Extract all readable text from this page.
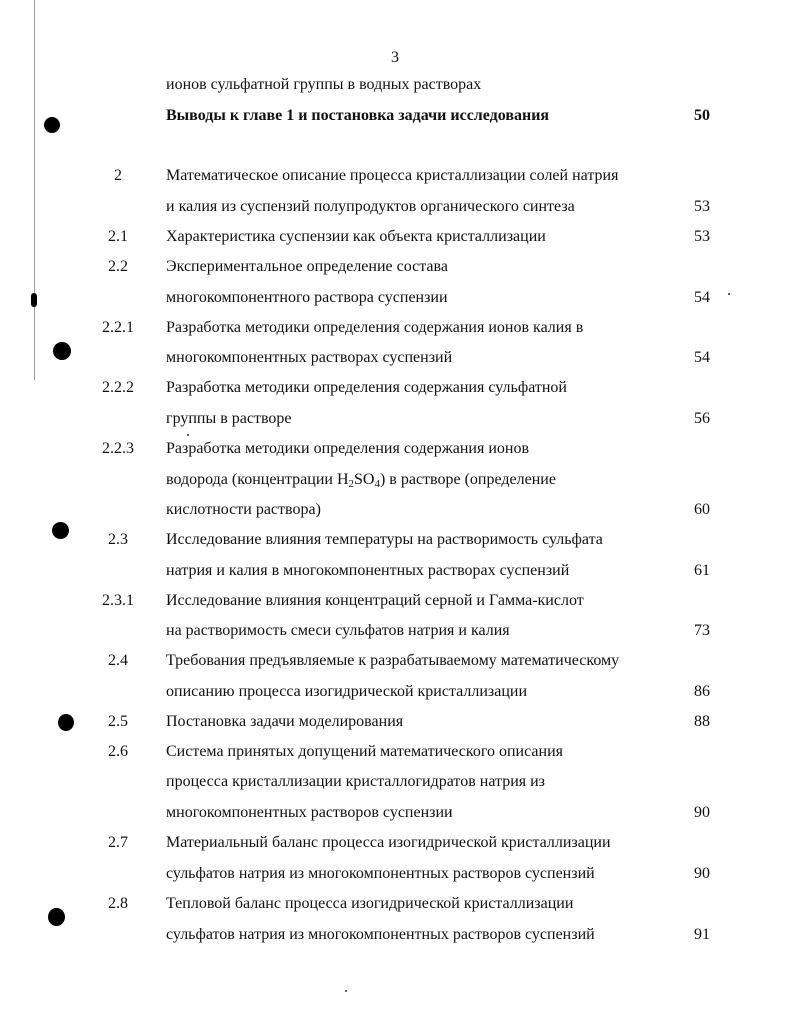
3
ионов сульфатной группы в водных растворах
Выводы к главе 1 и постановка задачи исследования	50
2	Математическое описание процесса кристаллизации солей натрия
и калия из суспензий полупродуктов органического синтеза	53
2.1	Характеристика суспензии как объекта кристаллизации	53
2.2	Экспериментальное определение состава
многокомпонентного раствора суспензии	54
2.2.1	Разработка методики определения содержания ионов калия в
многокомпонентных растворах суспензий	54
2.2.2	Разработка методики определения содержания сульфатной
группы в растворе	56
2.2.3	Разработка методики определения содержания ионов
водорода (концентрации $H_2SO_4$) в растворе (определение
кислотности раствора)	60
2.3	Исследование влияния температуры на растворимость сульфата
натрия и калия в многокомпонентных растворах суспензий	61
2.3.1	Исследование влияния концентраций серной и Гамма-кислот
на растворимость смеси сульфатов натрия и калия	73
2.4	Требования предъявляемые к разрабатываемому математическому
описанию процесса изогидрической кристаллизации	86
2.5	Постановка задачи моделирования	88
2.6	Система принятых допущений математического описания
процесса кристаллизации кристаллогидратов натрия из
многокомпонентных растворов суспензии	90
2.7	Материальный баланс процесса изогидрической кристаллизации
сульфатов натрия из многокомпонентных растворов суспензий	90
2.8	Тепловой баланс процесса изогидрической кристаллизации
сульфатов натрия из многокомпонентных растворов суспензий	91
